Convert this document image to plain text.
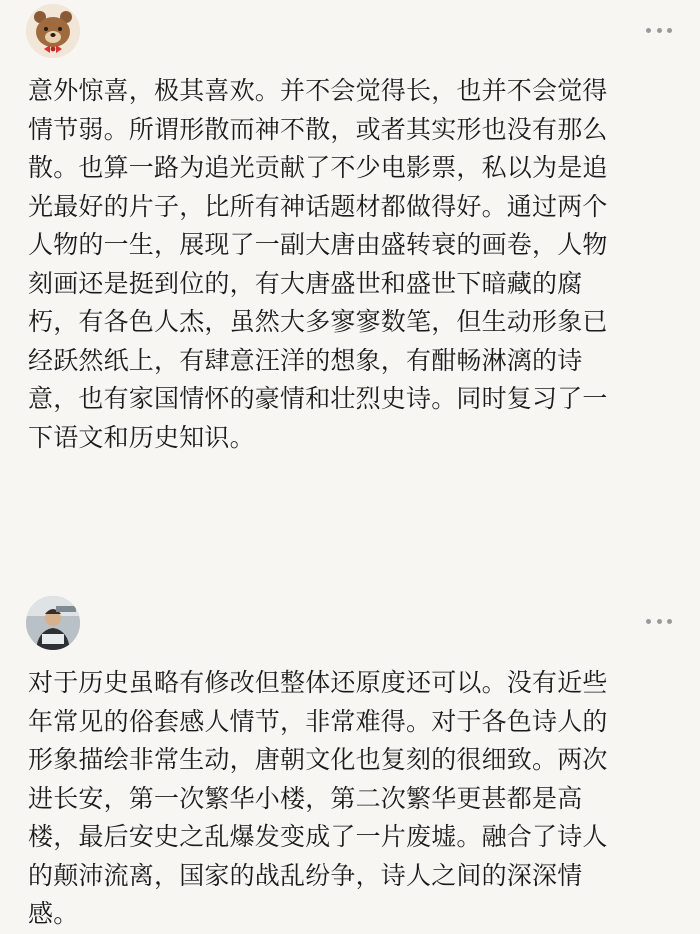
意外惊喜，极其喜欢。并不会觉得长，也并不会觉得
情节弱。所谓形散而神不散，或者其实形也没有那么
散。也算一路为追光贡献了不少电影票，私以为是追
光最好的片子，比所有神话题材都做得好。通过两个
人物的一生，展现了一副大唐由盛转衰的画卷，人物
刻画还是挺到位的，有大唐盛世和盛世下暗藏的腐
朽，有各色人杰，虽然大多寥寥数笔，但生动形象已
经跃然纸上，有肆意汪洋的想象，有酣畅淋漓的诗
意，也有家国情怀的豪情和壮烈史诗。同时复习了一
下语文和历史知识。
对于历史虽略有修改但整体还原度还可以。没有近些
年常见的俗套感人情节，非常难得。对于各色诗人的
形象描绘非常生动，唐朝文化也复刻的很细致。两次
进长安，第一次繁华小楼，第二次繁华更甚都是高
楼，最后安史之乱爆发变成了一片废墟。融合了诗人
的颠沛流离，国家的战乱纷争，诗人之间的深深情
感。
